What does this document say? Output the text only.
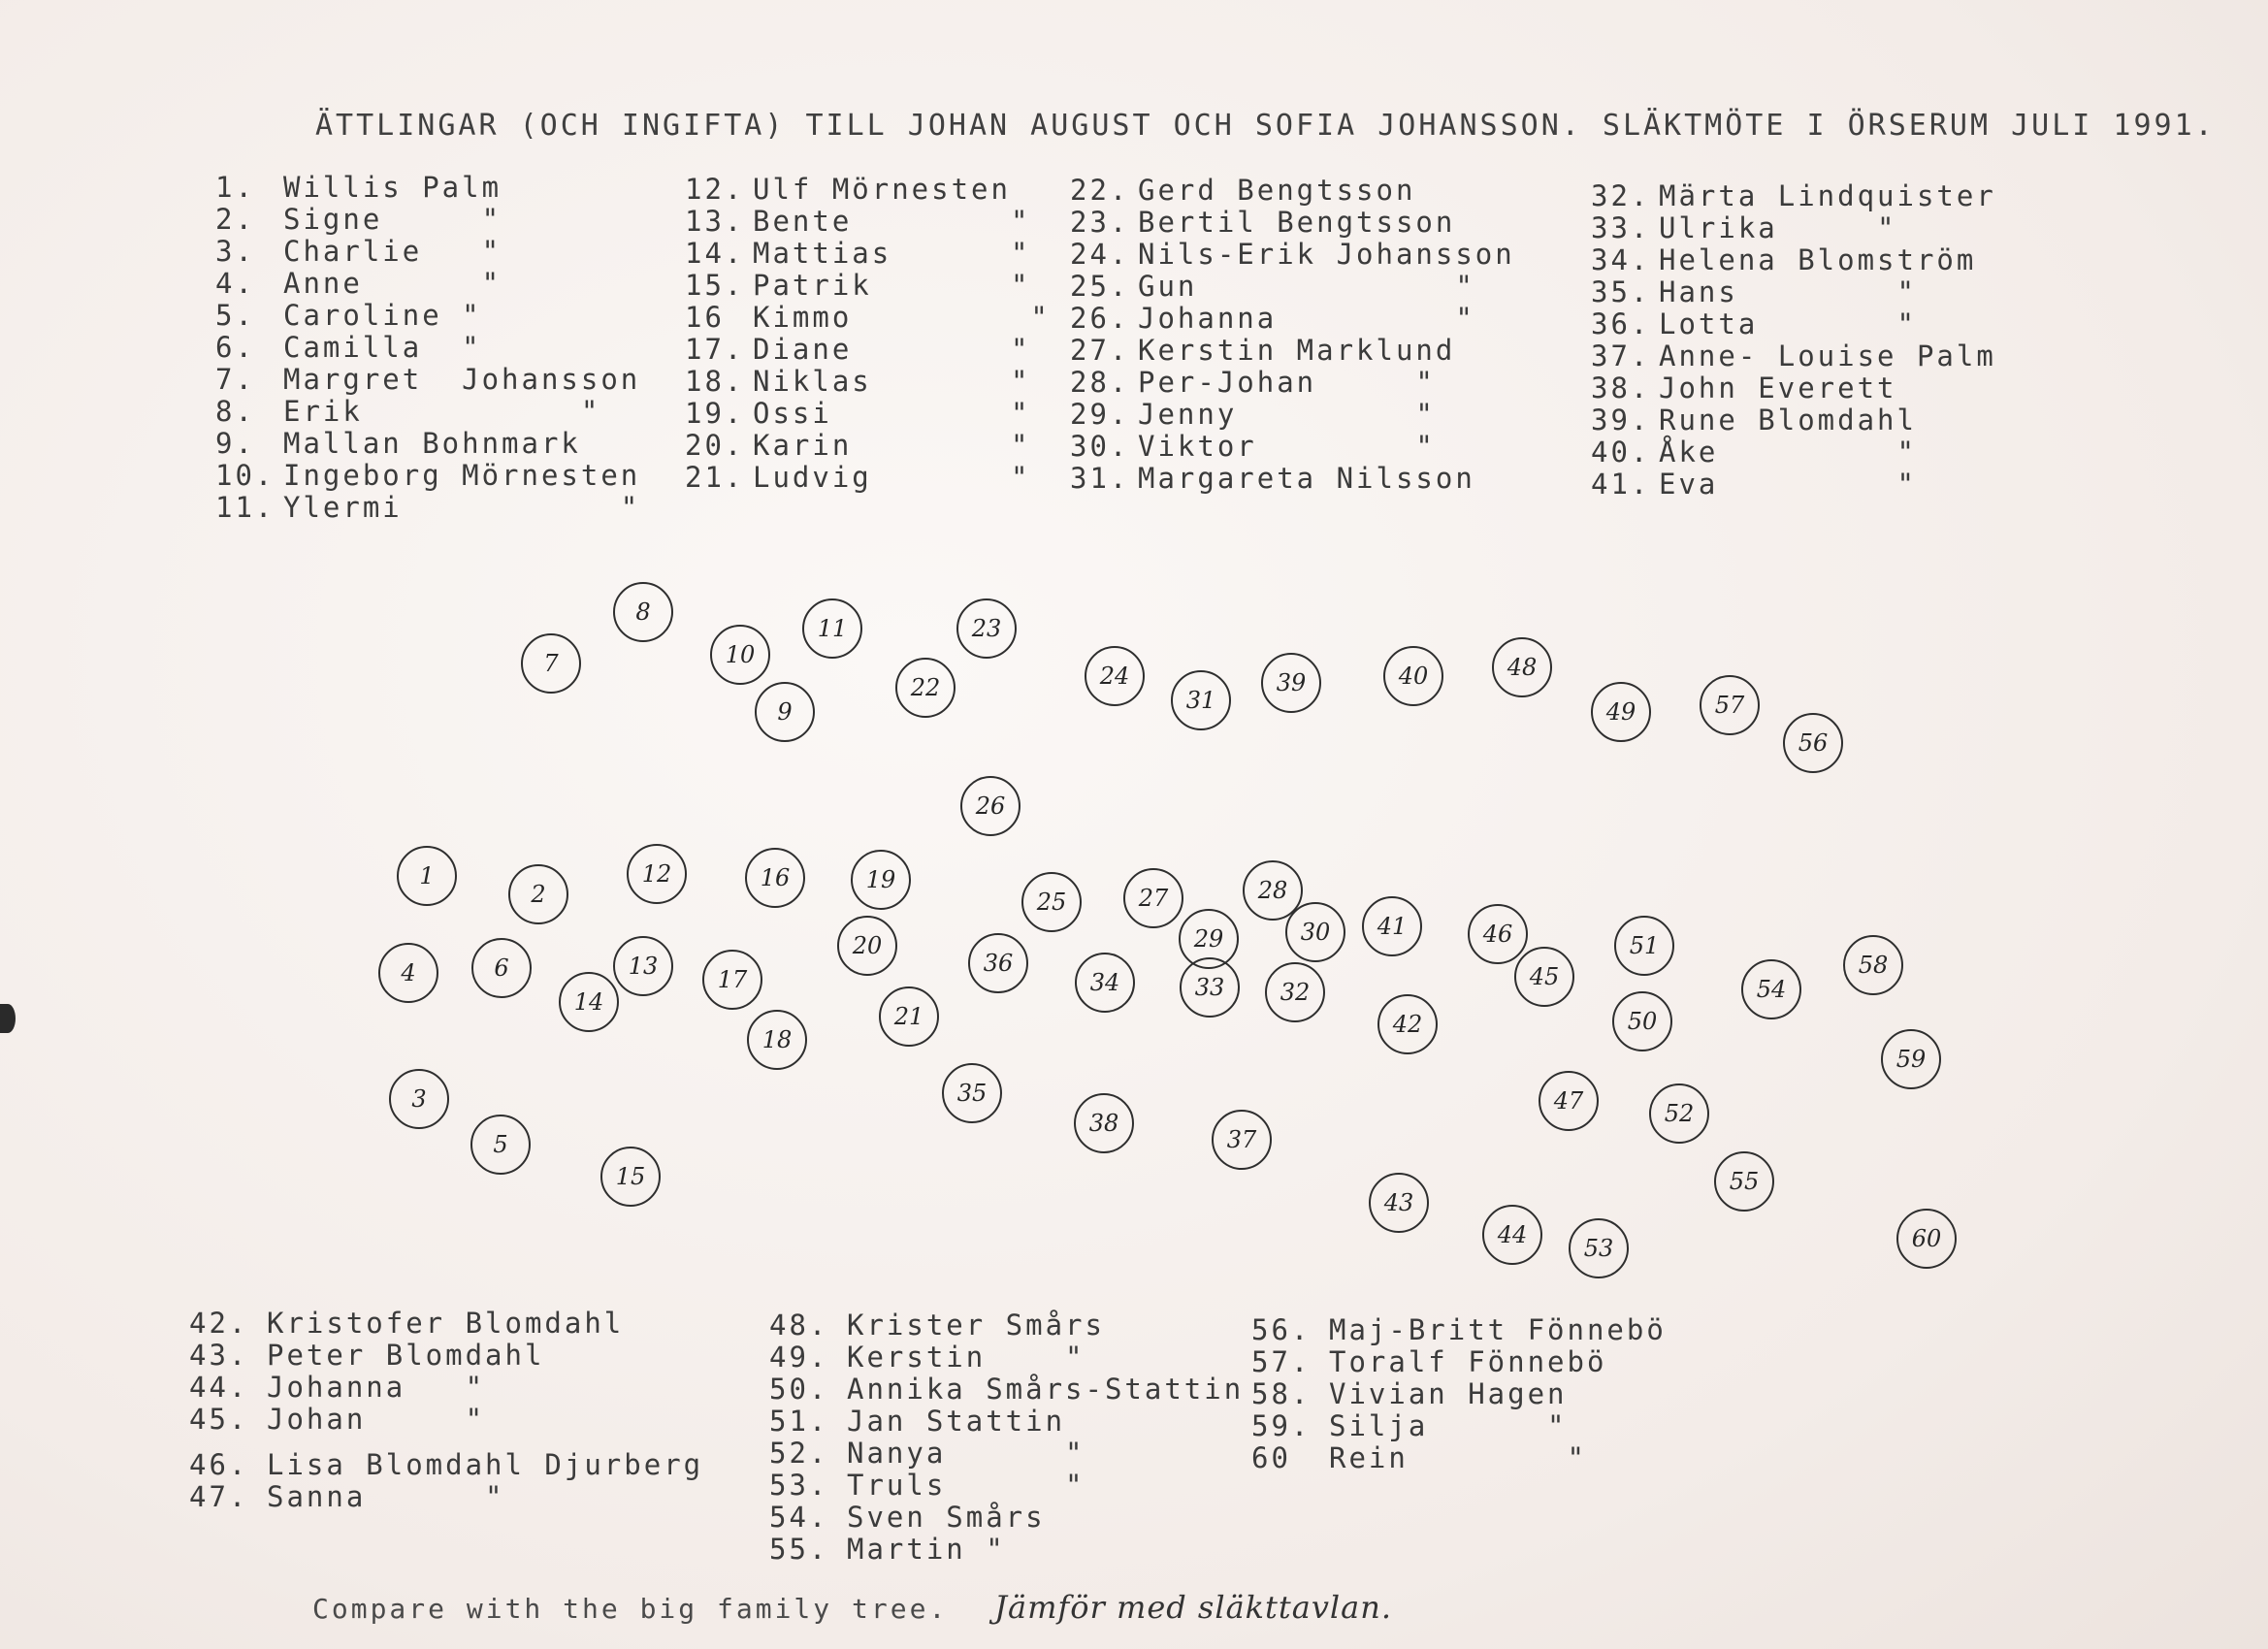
ÄTTLINGAR (OCH INGIFTA) TILL JOHAN AUGUST OCH SOFIA JOHANSSON. SLÄKTMÖTE I ÖRSERUM JULI 1991.
1. Willis Palm
2. Signe     "
3. Charlie   "
4. Anne      "
5. Caroline "
6. Camilla  "
7. Margret  Johansson
8. Erik           "
9. Mallan Bohnmark
10. Ingeborg Mörnesten
11. Ylermi           "
12. Ulf Mörnesten
13. Bente        "
14. Mattias      "
15. Patrik       "
16 Kimmo         "
17. Diane        "
18. Niklas       "
19. Ossi         "
20. Karin        "
21. Ludvig       "
22. Gerd Bengtsson
23. Bertil Bengtsson
24. Nils-Erik Johansson
25. Gun             "
26. Johanna         "
27. Kerstin Marklund
28. Per-Johan     "
29. Jenny         "
30. Viktor        "
31. Margareta Nilsson
32. Märta Lindquister
33. Ulrika     "
34. Helena Blomström
35. Hans        "
36. Lotta       "
37. Anne- Louise Palm
38. John Everett
39. Rune Blomdahl
40. Åke         "
41. Eva         "
1
2
3
4
5
6
7
8
9
10
11
12
13
14
15
16
17
18
19
20
21
22
23
24
25
26
27	28
29	30
31
32
33
34
35
36
37
38
39	40
41
42
43
44
45
46
47
48
49
50
51
52
53
54
55
56
57
58
59
60
42. Kristofer Blomdahl
43. Peter Blomdahl
44. Johanna   "
45. Johan     "
46. Lisa Blomdahl Djurberg
47. Sanna      "
48. Krister Smårs
49. Kerstin    "
50. Annika Smårs-Stattin
51. Jan Stattin
52. Nanya      "
53. Truls      "
54. Sven Smårs
55. Martin "
56. Maj-Britt Fönnebö
57. Toralf Fönnebö
58. Vivian Hagen
59. Silja      "
60 Rein        "
Compare with the big family tree. Jämför med släkttavlan.
